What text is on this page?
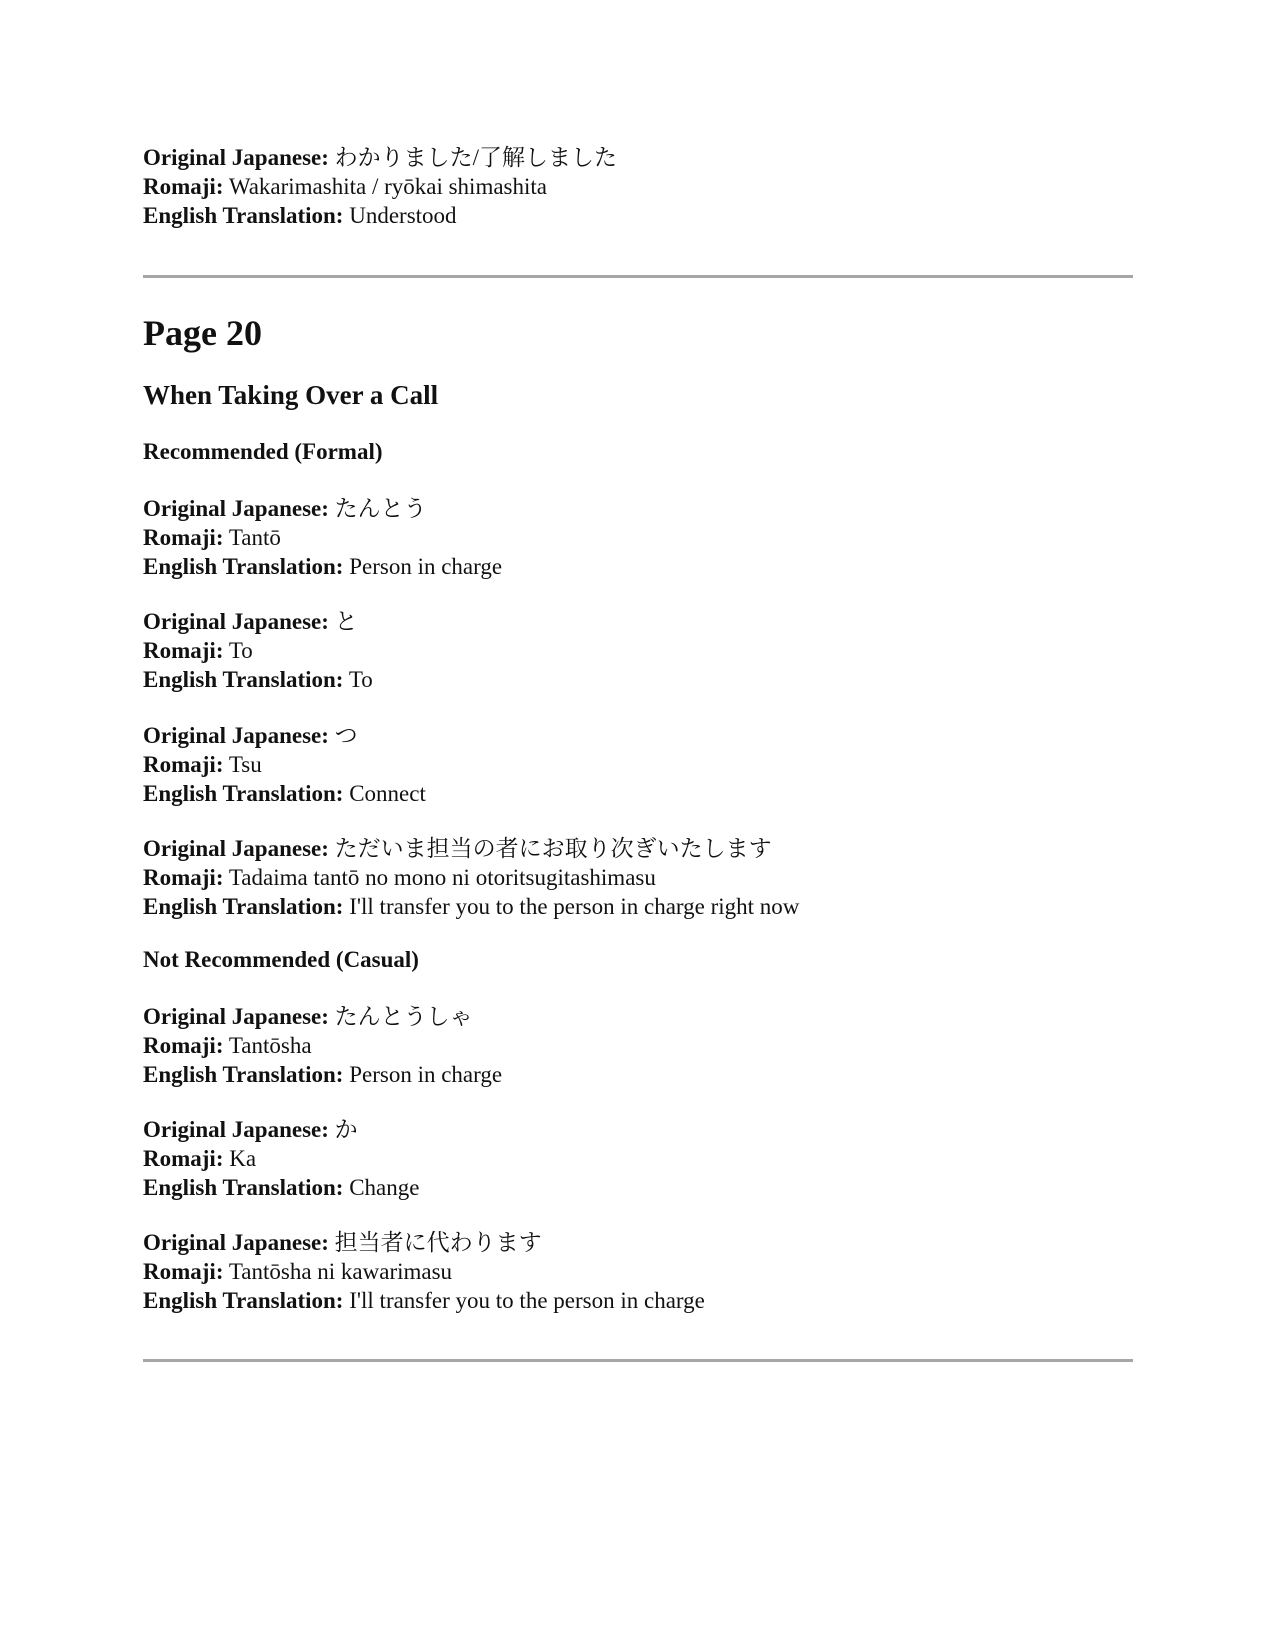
Original Japanese: わかりました/了解しました
Romaji: Wakarimashita / ryōkai shimashita
English Translation: Understood
Page 20
When Taking Over a Call
Recommended (Formal)
Original Japanese: たんとう
Romaji: Tantō
English Translation: Person in charge
Original Japanese: と
Romaji: To
English Translation: To
Original Japanese: つ
Romaji: Tsu
English Translation: Connect
Original Japanese: ただいま担当の者にお取り次ぎいたします
Romaji: Tadaima tantō no mono ni otoritsugitashimasu
English Translation: I'll transfer you to the person in charge right now
Not Recommended (Casual)
Original Japanese: たんとうしゃ
Romaji: Tantōsha
English Translation: Person in charge
Original Japanese: か
Romaji: Ka
English Translation: Change
Original Japanese: 担当者に代わります
Romaji: Tantōsha ni kawarimasu
English Translation: I'll transfer you to the person in charge
